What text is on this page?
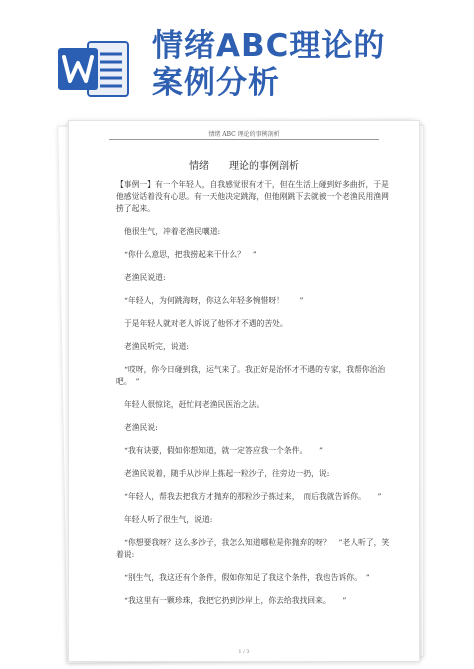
情绪ABC理论的
案例分析
情绪 ABC 理论的事例剖析
情绪　　理论的事例剖析

【事例一】有一个年轻人，自我感觉很有才干，但在生活上碰到好多曲折，于是他感觉话着没有心思。有一天他决定跳海，但他刚跳下去就被一个老渔民用渔网捞了起来。

他很生气，冲着老渔民嚷道:

“你什么意思，把我捞起来干什么？　”

老渔民说道:

“年轻人，为何跳海呀，你这么年轻多惋惜呀！　　”

于是年轻人就对老人诉说了他怀才不遇的苦处。

老渔民听完，说道:

“哎呀，你今日碰到我，运气来了。我正好是治怀才不遇的专家，我帮你治治吧。　”

年轻人很惊诧，赶忙问老渔民医治之法。

老渔民说:

“我有诀要，假如你想知道，就一定答应我一个条件。　　”

老渔民说着，随手从沙岸上拣起一粒沙子，往旁边一扔，说:

“年轻人，帮我去把我方才抛弃的那粒沙子拣过来，　而后我就告诉你。　　”

年轻人听了很生气，说道:

“你想要我呀？这么多沙子，我怎么知道哪粒是你抛弃的呀？　”老人听了，笑着说:

“别生气，我这还有个条件，假如你知足了我这个条件，我也告诉你。　”

“我这里有一颗珍珠，我把它扔到沙岸上，你去给我找回来。　　”

1 / 3
